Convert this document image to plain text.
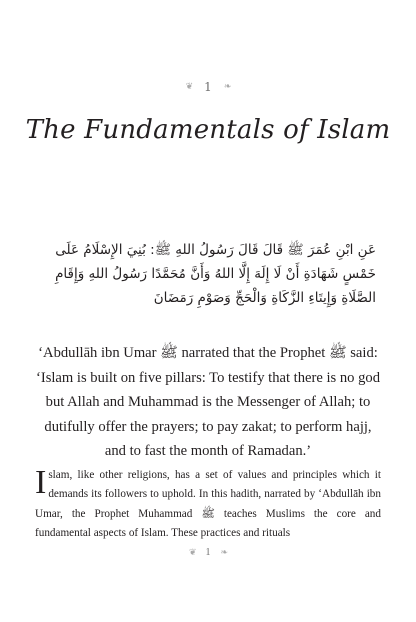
❦ 1 ❧
The Fundamentals of Islam
عَنِ ابْنِ عُمَرَ ﷺ قَالَ قَالَ رَسُولُ اللهِ ﷺ: بُنِيَ الإِسْلَامُ عَلَى خَمْسٍ شَهَادَةِ أَنْ لَا إِلَهَ إِلَّا اللهُ وَأَنَّ مُحَمَّدًا رَسُولُ اللهِ وَإِقَامِ الصَّلَاةِ وَإِيتَاءِ الزَّكَاةِ وَالْحَجِّ وَصَوْمِ رَمَضَانَ
‘Abdullāh ibn Umar ﷺ narrated that the Prophet ﷺ said: ‘Islam is built on five pillars: To testify that there is no god but Allah and Muhammad is the Messenger of Allah; to dutifully offer the prayers; to pay zakat; to perform hajj, and to fast the month of Ramadan.’
I slam, like other religions, has a set of values and principles which it demands its followers to uphold. In this hadith, narrated by ‘Abdullāh ibn Umar, the Prophet Muhammad ﷺ teaches Muslims the core and fundamental aspects of Islam. These practices and rituals
❦ 1 ❧
